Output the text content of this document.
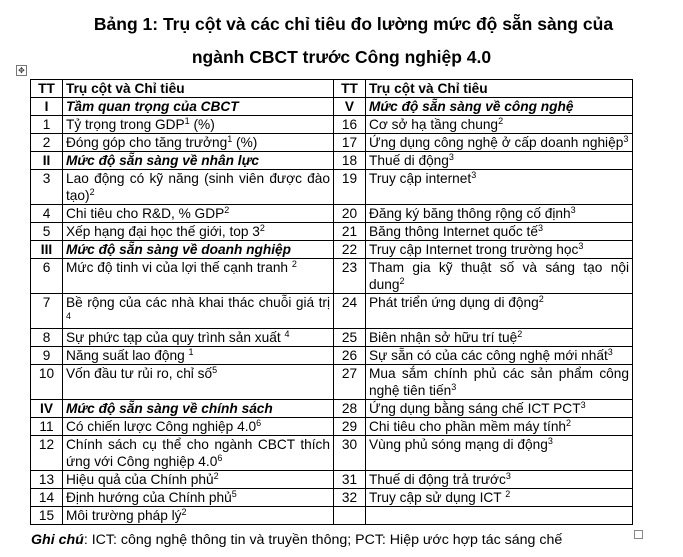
Bảng 1: Trụ cột và các chỉ tiêu đo lường mức độ sẵn sàng của
ngành CBCT trước Công nghiệp 4.0
✥
TT	Trụ cột và Chỉ tiêu	TT	Trụ cột và Chỉ tiêu
I	Tầm quan trọng của CBCT	V	Mức độ sẵn sàng về công nghệ
1	Tỷ trọng trong GDP$^1$ (%)	16	Cơ sở hạ tầng chung$^2$
2	Đóng góp cho tăng trưởng$^1$ (%)	17	Ứng dụng công nghệ ở cấp doanh nghiệp$^3$
II	Mức độ sẵn sàng về nhân lực	18	Thuế di động$^3$
3	Lao động có kỹ năng (sinh viên được đào tạo)$^2$	19	Truy cập internet$^3$
4	Chi tiêu cho R&D, % GDP$^2$	20	Đăng ký băng thông rộng cố định$^3$
5	Xếp hạng đại học thế giới, top $3^2$	21	Băng thông Internet quốc tế$^3$
III	Mức độ sẵn sàng về doanh nghiệp	22	Truy cập Internet trong trường học$^3$
6	Mức độ tinh vi của lợi thế cạnh tranh $^2$	23	Tham gia kỹ thuật số và sáng tạo nội dung$^2$
7	Bề rộng của các nhà khai thác chuỗi giá trị $^4$	24	Phát triển ứng dụng di động$^2$
8	Sự phức tạp của quy trình sản xuất $^4$	25	Biên nhận sở hữu trí tuệ$^2$
9	Năng suất lao động $^1$	26	Sự sẵn có của các công nghệ mới nhất$^3$
10	Vốn đầu tư rủi ro, chỉ số$^5$	27	Mua sắm chính phủ các sản phẩm công nghệ tiên tiến$^3$
IV	Mức độ sẵn sàng về chính sách	28	Ứng dụng bằng sáng chế ICT PCT$^3$
11	Có chiến lược Công nghiệp $4.0^6$	29	Chi tiêu cho phần mềm máy tính$^2$
12	Chính sách cụ thể cho ngành CBCT thích ứng với Công nghiệp $4.0^6$	30	Vùng phủ sóng mạng di động$^3$
13	Hiệu quả của Chính phủ$^2$	31	Thuế di động trả trước$^3$
14	Định hướng của Chính phủ$^5$	32	Truy cập sử dụng ICT $^2$
15	Môi trường pháp $lý^2$		
Ghi chú: ICT: công nghệ thông tin và truyền thông; PCT: Hiệp ước hợp tác sáng chế
